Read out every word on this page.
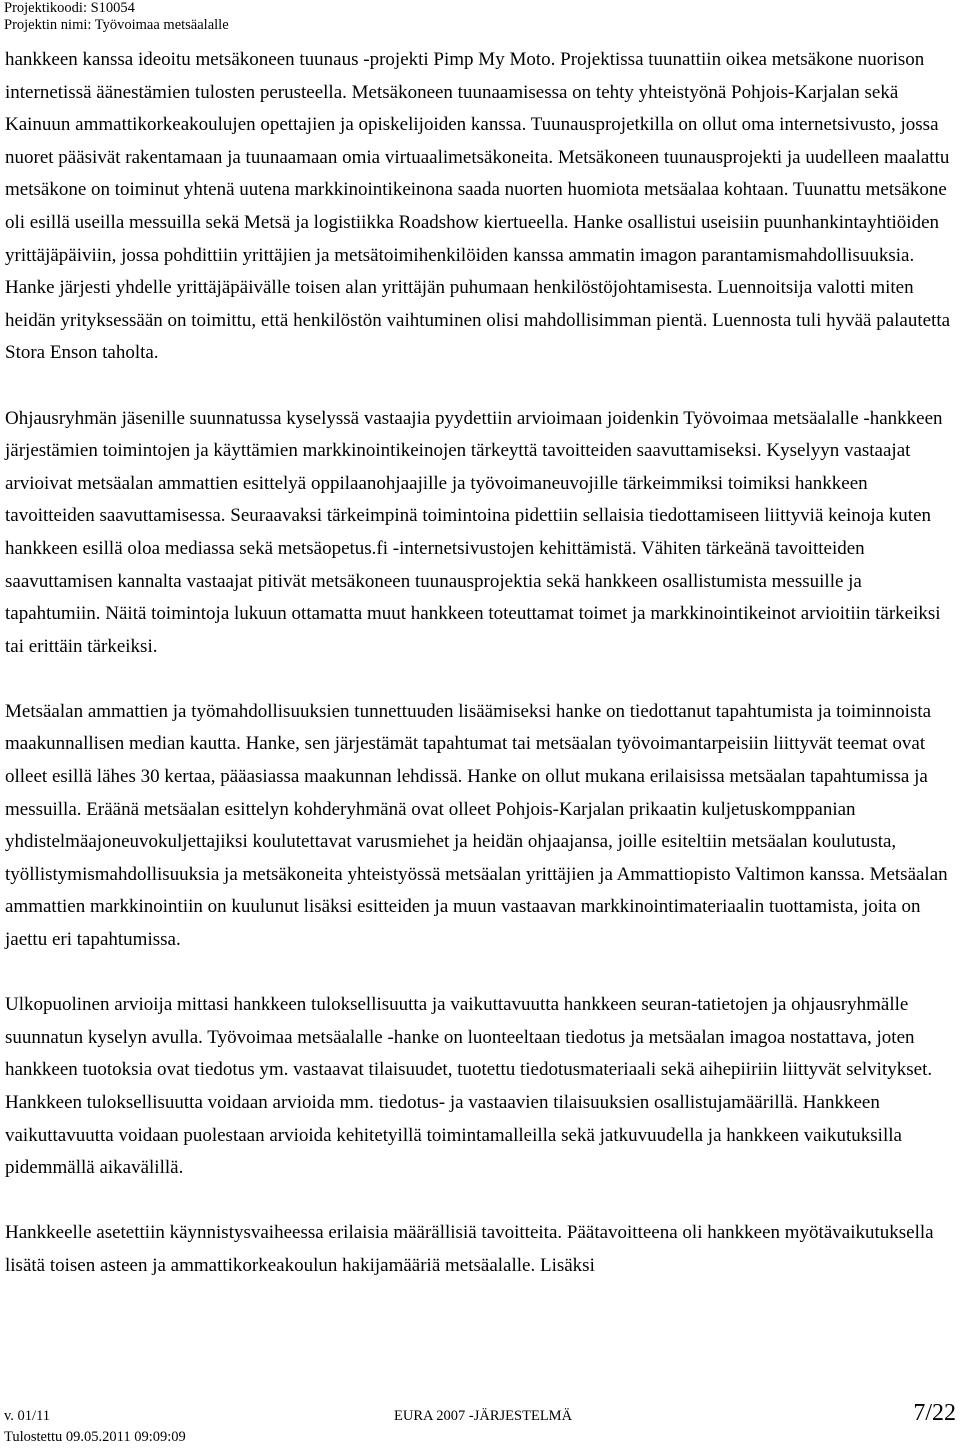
Projektikoodi: S10054
Projektin nimi: Työvoimaa metsäalalle

hankkeen kanssa ideoitu metsäkoneen tuunaus -projekti Pimp My Moto. Projektissa tuunattiin oikea metsäkone nuorison internetissä äänestämien tulosten perusteella. Metsäkoneen tuunaamisessa on tehty yhteistyönä Pohjois-Karjalan sekä Kainuun ammattikorkeakoulujen opettajien ja opiskelijoiden kanssa. Tuunausprojetkilla on ollut oma internetsivusto, jossa nuoret pääsivät rakentamaan ja tuunaamaan omia virtuaalimetsäkoneita. Metsäkoneen tuunausprojekti ja uudelleen maalattu metsäkone on toiminut yhtenä uutena markkinointikeinona saada nuorten huomiota metsäalaa kohtaan. Tuunattu metsäkone oli esillä useilla messuilla sekä Metsä ja logistiikka Roadshow kiertueella. Hanke osallistui useisiin puunhankintayhtiöiden yrittäjäpäiviin, jossa pohdittiin yrittäjien ja metsätoimihenkilöiden kanssa ammatin imagon parantamismahdollisuuksia. Hanke järjesti yhdelle yrittäjäpäivälle toisen alan yrittäjän puhumaan henkilöstöjohtamisesta. Luennoitsija valotti miten heidän yrityksessään on toimittu, että henkilöstön vaihtuminen olisi mahdollisimman pientä. Luennosta tuli hyvää palautetta Stora Enson taholta.

Ohjausryhmän jäsenille suunnatussa kyselyssä vastaajia pyydettiin arvioimaan joidenkin Työvoimaa metsäalalle -hankkeen järjestämien toimintojen ja käyttämien markkinointikeinojen tärkeyttä tavoitteiden saavuttamiseksi. Kyselyyn vastaajat arvioivat metsäalan ammattien esittelyä oppilaanohjaajille ja työvoimaneuvojille tärkeimmiksi toimiksi hankkeen tavoitteiden saavuttamisessa. Seuraavaksi tärkeimpinä toimintoina pidettiin sellaisia tiedottamiseen liittyviä keinoja kuten hankkeen esillä oloa mediassa sekä metsäopetus.fi -internetsivustojen kehittämistä. Vähiten tärkeänä tavoitteiden saavuttamisen kannalta vastaajat pitivät metsäkoneen tuunausprojektia sekä hankkeen osallistumista messuille ja tapahtumiin. Näitä toimintoja lukuun ottamatta muut hankkeen toteuttamat toimet ja markkinointikeinot arvioitiin tärkeiksi tai erittäin tärkeiksi.

Metsäalan ammattien ja työmahdollisuuksien tunnettuuden lisäämiseksi hanke on tiedottanut tapahtumista ja toiminnoista maakunnallisen median kautta. Hanke, sen järjestämät tapahtumat tai metsäalan työvoimantarpeisiin liittyvät teemat ovat olleet esillä lähes 30 kertaa, pääasiassa maakunnan lehdissä. Hanke on ollut mukana erilaisissa metsäalan tapahtumissa ja messuilla. Eräänä metsäalan esittelyn kohderyhmänä ovat olleet Pohjois-Karjalan prikaatin kuljetuskomppanian yhdistelmäajoneuvokuljettajiksi koulutettavat varusmiehet ja heidän ohjaajansa, joille esiteltiin metsäalan koulutusta, työllistymismahdollisuuksia ja metsäkoneita yhteistyössä metsäalan yrittäjien ja Ammattiopisto Valtimon kanssa. Metsäalan ammattien markkinointiin on kuulunut lisäksi esitteiden ja muun vastaavan markkinointimateriaalin tuottamista, joita on jaettu eri tapahtumissa.

Ulkopuolinen arvioija mittasi hankkeen tuloksellisuutta ja vaikuttavuutta hankkeen seuran-tatietojen ja ohjausryhmälle suunnatun kyselyn avulla. Työvoimaa metsäalalle -hanke on luonteeltaan tiedotus ja metsäalan imagoa nostattava, joten hankkeen tuotoksia ovat tiedotus ym. vastaavat tilaisuudet, tuotettu tiedotusmateriaali sekä aihepiiriin liittyvät selvitykset. Hankkeen tuloksellisuutta voidaan arvioida mm. tiedotus- ja vastaavien tilaisuuksien osallistujamäärillä. Hankkeen vaikuttavuutta voidaan puolestaan arvioida kehitetyillä toimintamalleilla sekä jatkuvuudella ja hankkeen vaikutuksilla pidemmällä aikavälillä.

Hankkeelle asetettiin käynnistysvaiheessa erilaisia määrällisiä tavoitteita. Päätavoitteena oli hankkeen myötävaikutuksella lisätä toisen asteen ja ammattikorkeakoulun hakijamääriä metsäalalle. Lisäksi

v. 01/11
Tulostettu 09.05.2011 09:09:09
EURA 2007 -JÄRJESTELMÄ	7/22
